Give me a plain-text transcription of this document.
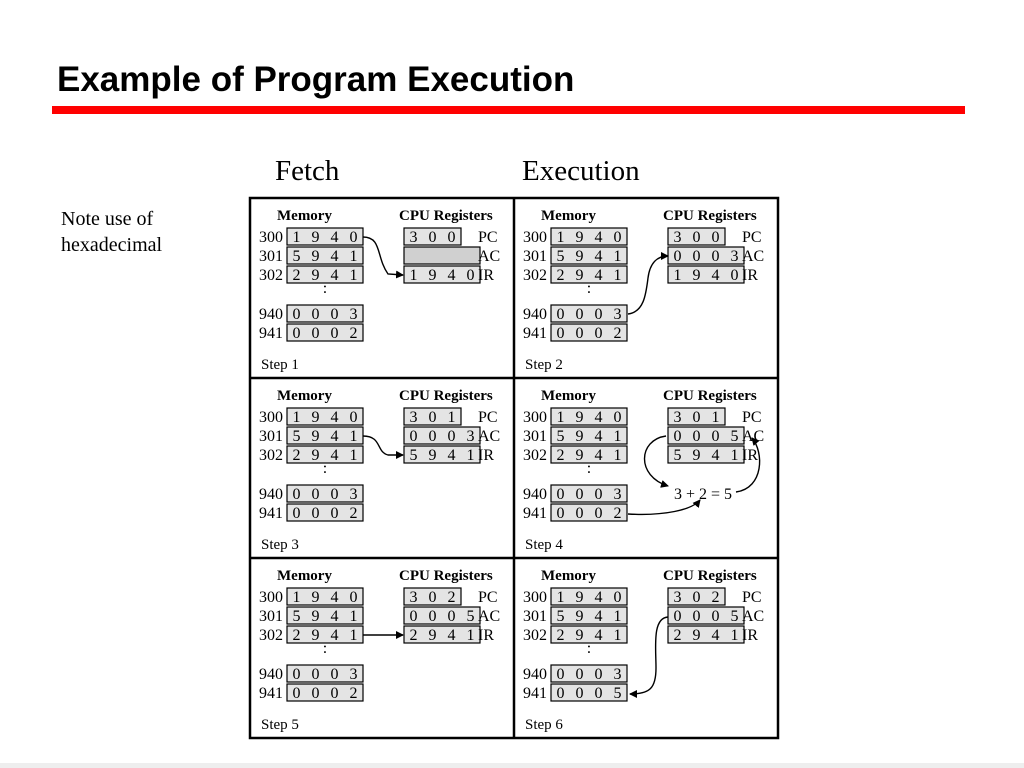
Example of Program Execution
Fetch	Execution
Note use of
hexadecimal
Memory	CPU Registers
300 1 9 4 0
301 5 9 4 1
302 2 9 4 1
940 0 0 0 3
941 0 0 0 2
:
3 0 0 PC
AC
1 9 4 0 IR
Step 1
Memory	CPU Registers
300 1 9 4 0
301 5 9 4 1
302 2 9 4 1
940 0 0 0 3
941 0 0 0 2
:
3 0 0 PC
0 0 0 3 AC
1 9 4 0 IR
Step 2
Memory	CPU Registers
300 1 9 4 0
301 5 9 4 1
302 2 9 4 1
940 0 0 0 3
941 0 0 0 2
:
3 0 1 PC
0 0 0 3 AC
5 9 4 1 IR
Step 3
Memory	CPU Registers
300 1 9 4 0
301 5 9 4 1
302 2 9 4 1
940 0 0 0 3
941 0 0 0 2
:
3 0 1 PC
0 0 0 5 AC
5 9 4 1 IR
Step 4
3 + 2 = 5
Memory	CPU Registers
300 1 9 4 0
301 5 9 4 1
302 2 9 4 1
940 0 0 0 3
941 0 0 0 2
:
3 0 2 PC
0 0 0 5 AC
2 9 4 1 IR
Step 5
Memory	CPU Registers
300 1 9 4 0
301 5 9 4 1
302 2 9 4 1
940 0 0 0 3
941 0 0 0 5
:
3 0 2 PC
0 0 0 5 AC
2 9 4 1 IR
Step 6
